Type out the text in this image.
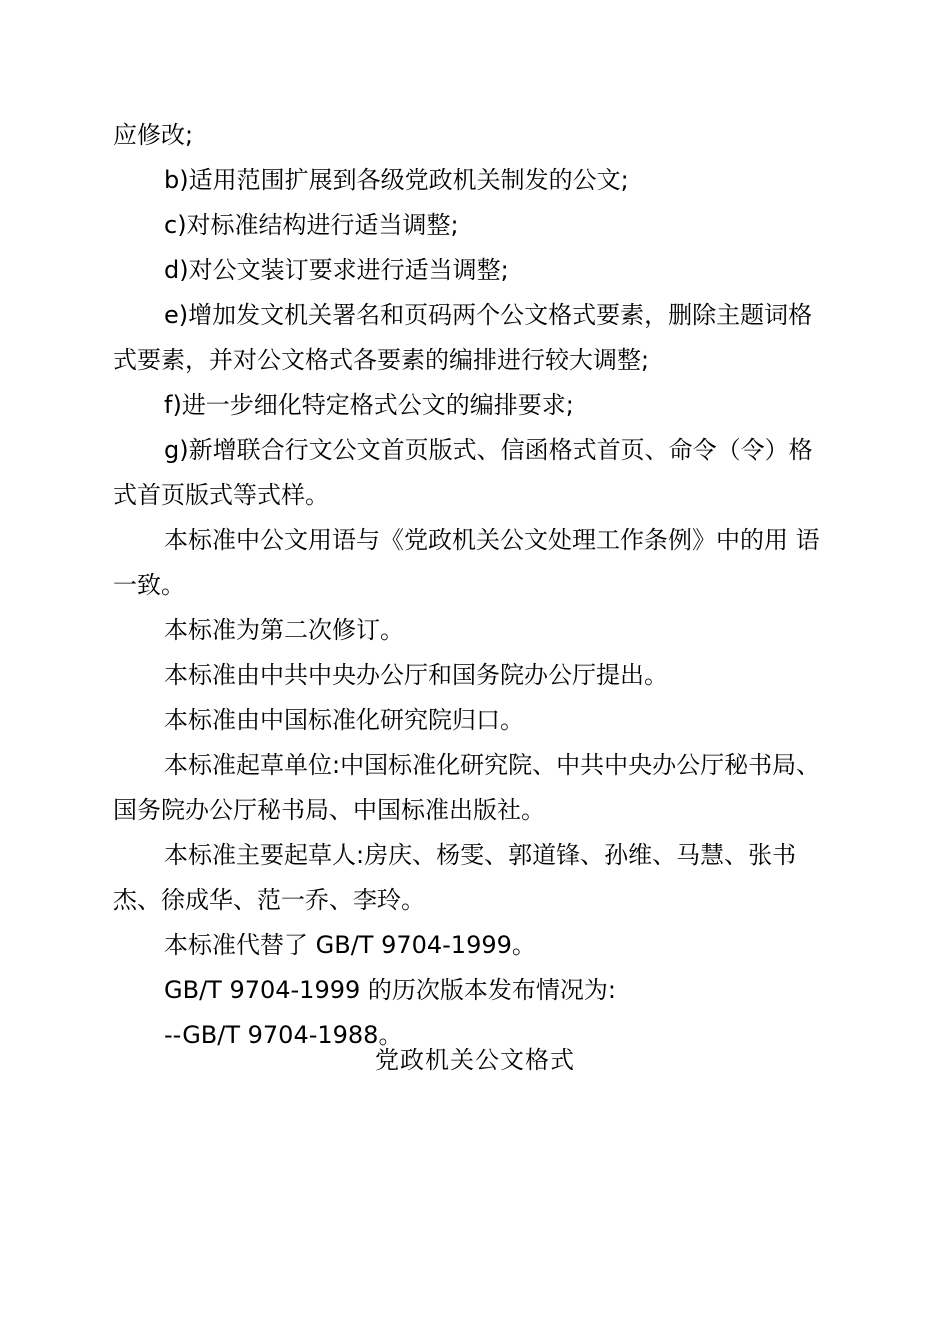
应修改;

b)适用范围扩展到各级党政机关制发的公文;

c)对标准结构进行适当调整;

d)对公文装订要求进行适当调整;

e)增加发文机关署名和页码两个公文格式要素，删除主题词格式要素，并对公文格式各要素的编排进行较大调整;

f)进一步细化特定格式公文的编排要求;

g)新增联合行文公文首页版式、信函格式首页、命令（令）格式首页版式等式样。

本标准中公文用语与《党政机关公文处理工作条例》中的用 语一致。

本标准为第二次修订。

本标准由中共中央办公厅和国务院办公厅提出。

本标准由中国标准化研究院归口。

本标准起草单位:中国标准化研究院、中共中央办公厅秘书局、国务院办公厅秘书局、中国标准出版社。

本标准主要起草人:房庆、杨雯、郭道锋、孙维、马慧、张书杰、徐成华、范一乔、李玲。

本标准代替了 GB/T 9704-1999。

GB/T 9704-1999 的历次版本发布情况为:

--GB/T 9704-1988。

党政机关公文格式
